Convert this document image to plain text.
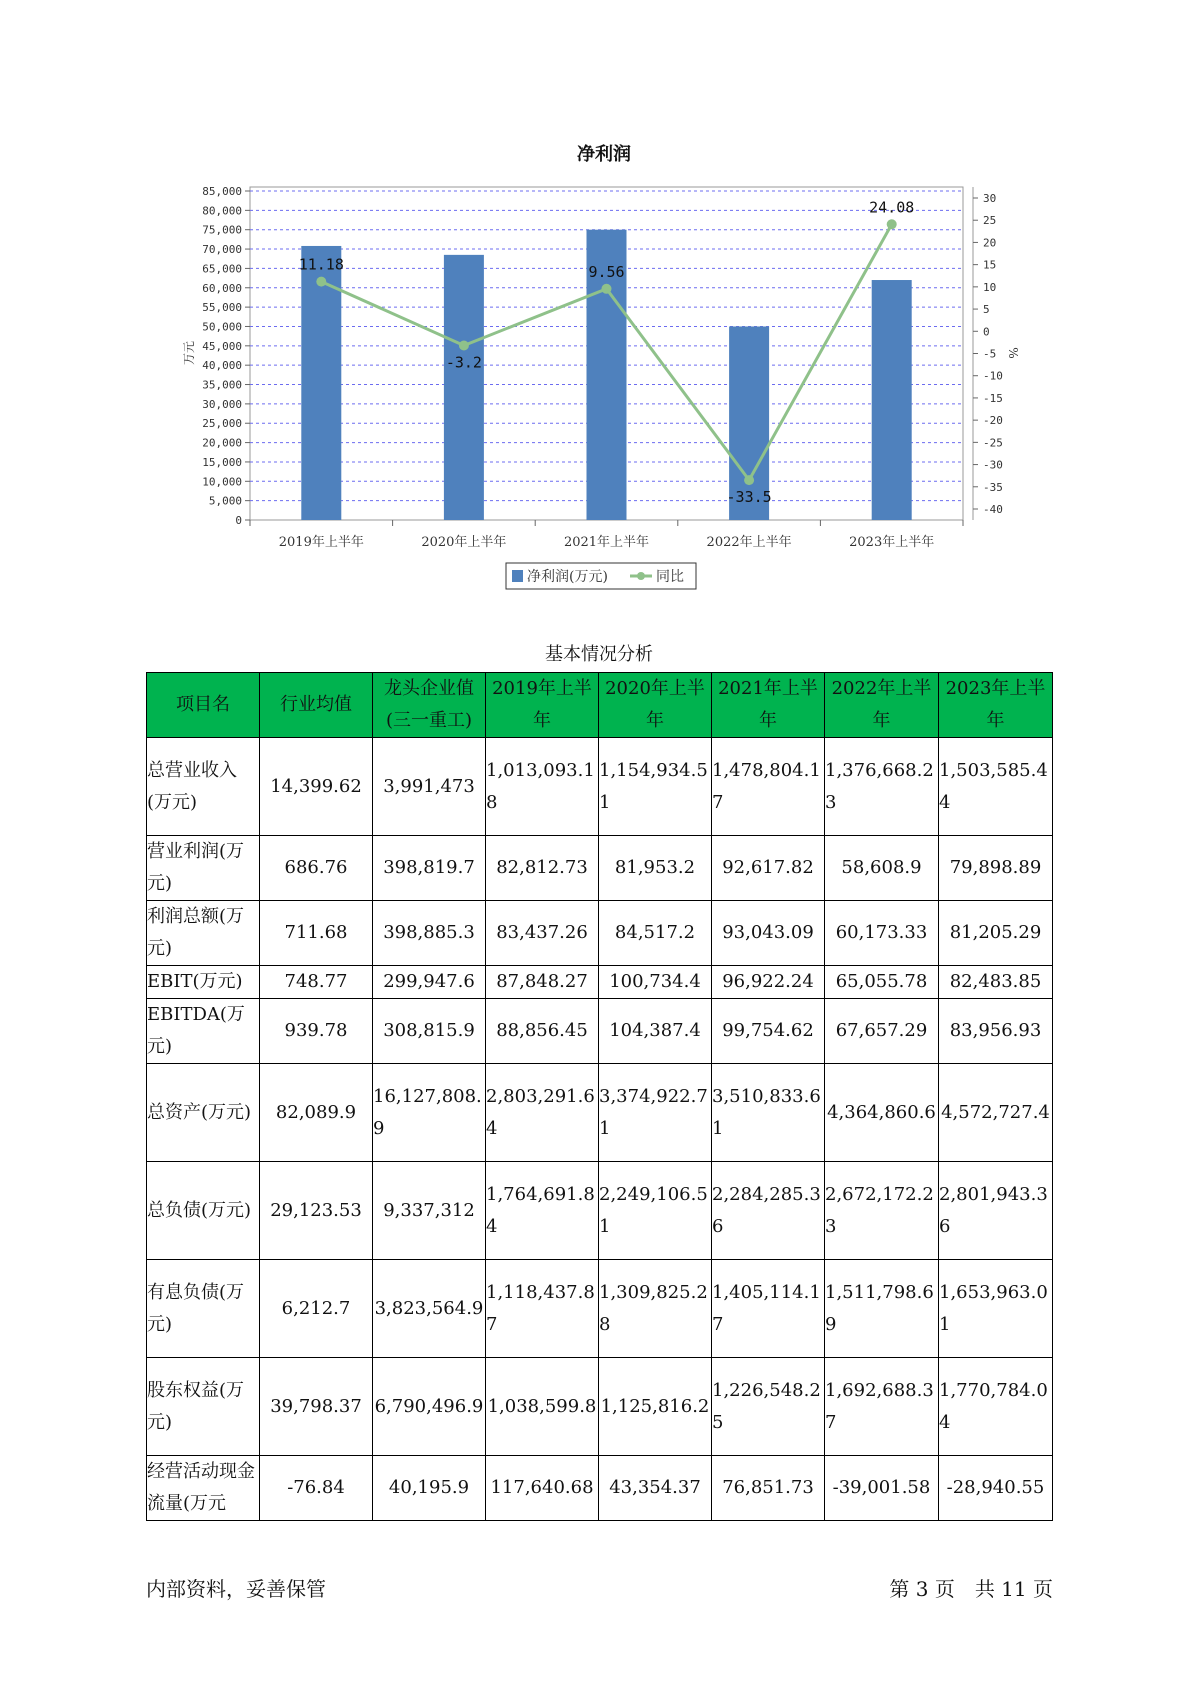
0
5,000
10,000
15,000
20,000
25,000
30,000
35,000
40,000
45,000
50,000
55,000
60,000
65,000
70,000
75,000
80,000
85,000
-40
-35
-30
-25
-20
-15
-10
-5
0
5
10
15
20
25
30
2019年上半年	2020年上半年	2021年上半年	2022年上半年	2023年上半年
11.18
-3.2
9.56
-33.5
24.08
净利润
万元	%
净利润(万元)	同比
基本情况分析
项目名	行业均值	龙头企业值(三一重工)	2019年上半年	2020年上半年	2021年上半年	2022年上半年	2023年上半年
总营业收入(万元)	14,399.62	3,991,473	1,013,093.18	1,154,934.51	1,478,804.17	1,376,668.23	1,503,585.44
营业利润(万元)	686.76	398,819.7	82,812.73	81,953.2	92,617.82	58,608.9	79,898.89
利润总额(万元)	711.68	398,885.3	83,437.26	84,517.2	93,043.09	60,173.33	81,205.29
EBIT(万元)	748.77	299,947.6	87,848.27	100,734.4	96,922.24	65,055.78	82,483.85
EBITDA(万元)	939.78	308,815.9	88,856.45	104,387.4	99,754.62	67,657.29	83,956.93
总资产(万元)	82,089.9	16,127,808.9	2,803,291.64	3,374,922.71	3,510,833.61	4,364,860.6	4,572,727.4
总负债(万元)	29,123.53	9,337,312	1,764,691.84	2,249,106.51	2,284,285.36	2,672,172.23	2,801,943.36
有息负债(万元)	6,212.7	3,823,564.9	1,118,437.87	1,309,825.28	1,405,114.17	1,511,798.69	1,653,963.01
股东权益(万元)	39,798.37	6,790,496.9	1,038,599.8	1,125,816.2	1,226,548.25	1,692,688.37	1,770,784.04
经营活动现金流量(万元	-76.84	40,195.9	117,640.68	43,354.37	76,851.73	-39,001.58	-28,940.55
内部资料，妥善保管	第 3 页　共 11 页
